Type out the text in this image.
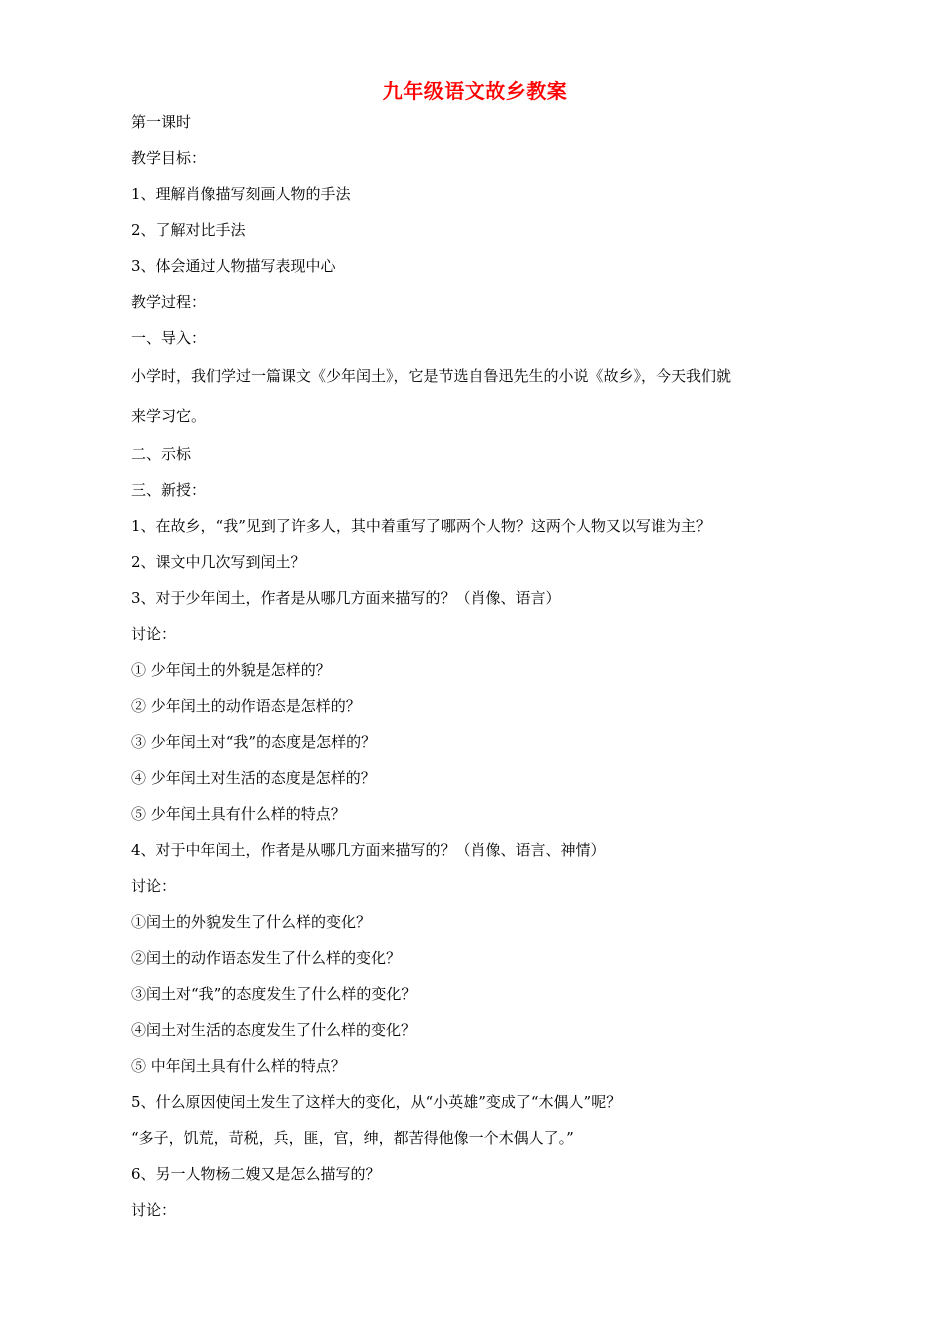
九年级语文故乡教案
第一课时
教学目标：
1、理解肖像描写刻画人物的手法
2、了解对比手法
3、体会通过人物描写表现中心
教学过程：
一、导入：
小学时，我们学过一篇课文《少年闰土》，它是节选自鲁迅先生的小说《故乡》，今天我们就
来学习它。
二、示标
三、新授：
1、在故乡，“我”见到了许多人，其中着重写了哪两个人物？这两个人物又以写谁为主？
2、课文中几次写到闰土？
3、对于少年闰土，作者是从哪几方面来描写的？（肖像、语言）
讨论：
① 少年闰土的外貌是怎样的？
② 少年闰土的动作语态是怎样的？
③ 少年闰土对“我”的态度是怎样的？
④ 少年闰土对生活的态度是怎样的？
⑤ 少年闰土具有什么样的特点？
4、对于中年闰土，作者是从哪几方面来描写的？（肖像、语言、神情）
讨论：
①闰土的外貌发生了什么样的变化？
②闰土的动作语态发生了什么样的变化？
③闰土对“我”的态度发生了什么样的变化？
④闰土对生活的态度发生了什么样的变化？
⑤ 中年闰土具有什么样的特点？
5、什么原因使闰土发生了这样大的变化，从“小英雄”变成了“木偶人”呢？
“多子，饥荒，苛税，兵，匪，官，绅，都苦得他像一个木偶人了。”
6、另一人物杨二嫂又是怎么描写的？
讨论：
